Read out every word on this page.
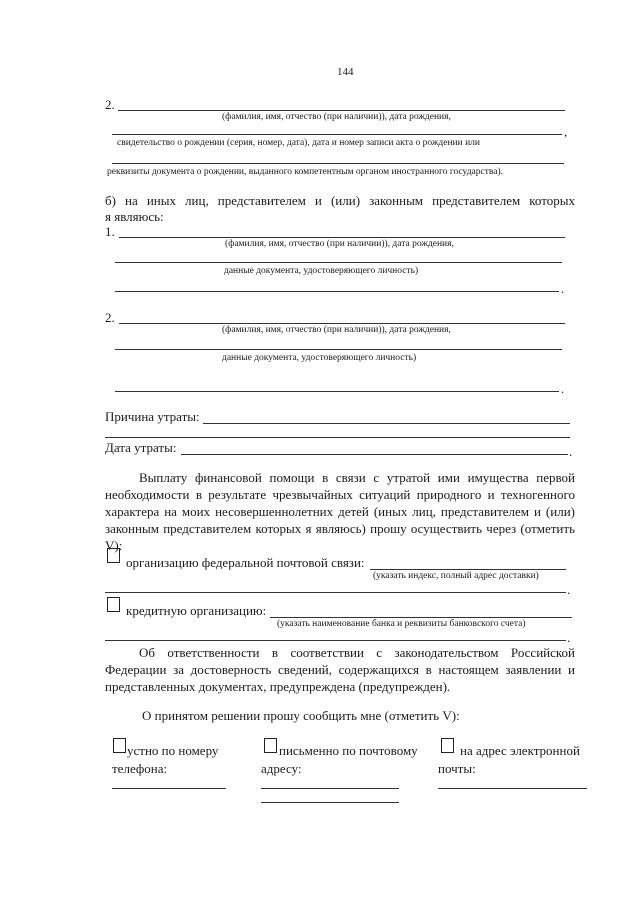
144
2.
(фамилия, имя, отчество (при наличии)), дата рождения,
,
свидетельство о рождении (серия, номер, дата), дата и номер записи акта о рождении или
реквизиты документа о рождении, выданного компетентным органом иностранного государства).
б) на иных лиц, представителем и (или) законным представителем которых
я являюсь:
1.
(фамилия, имя, отчество (при наличии)), дата рождения,
данные документа, удостоверяющего личность)
.
2.
(фамилия, имя, отчество (при наличии)), дата рождения,
данные документа, удостоверяющего личность)
.
Причина утраты:
Дата утраты:	.
Выплату финансовой помощи в связи с утратой ими имущества первой необходимости в результате чрезвычайных ситуаций природного и техногенного характера на моих несовершеннолетних детей (иных лиц, представителем и (или) законным представителем которых я являюсь) прошу осуществить через (отметить V):
организацию федеральной почтовой связи:
(указать индекс, полный адрес доставки)
.
кредитную организацию:
(указать наименование банка и реквизиты банковского счета)
.
Об ответственности в соответствии с законодательством Российской Федерации за достоверность сведений, содержащихся в настоящем заявлении и представленных документах, предупреждена (предупрежден).
О принятом решении прошу сообщить мне (отметить V):
устно по номеру
телефона:
письменно по почтовому
адресу:
на адрес электронной
почты:
